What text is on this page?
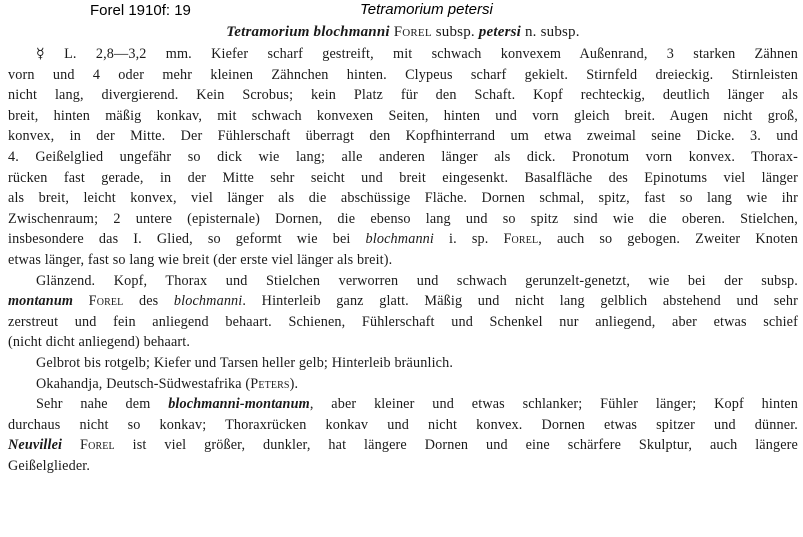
Forel 1910f: 19	Tetramorium petersi
Tetramorium blochmanni Forel subsp. petersi n. subsp.
☿ L. 2,8—3,2 mm. Kiefer scharf gestreift, mit schwach konvexem Außenrand, 3 starken Zähnen
vorn und 4 oder mehr kleinen Zähnchen hinten. Clypeus scharf gekielt. Stirnfeld dreieckig. Stirnleisten
nicht lang, divergierend. Kein Scrobus; kein Platz für den Schaft. Kopf rechteckig, deutlich länger als
breit, hinten mäßig konkav, mit schwach konvexen Seiten, hinten und vorn gleich breit. Augen nicht groß,
konvex, in der Mitte. Der Fühlerschaft überragt den Kopfhinterrand um etwa zweimal seine Dicke. 3. und
4. Geißelglied ungefähr so dick wie lang; alle anderen länger als dick. Pronotum vorn konvex. Thorax-
rücken fast gerade, in der Mitte sehr seicht und breit eingesenkt. Basalfläche des Epinotums viel länger
als breit, leicht konvex, viel länger als die abschüssige Fläche. Dornen schmal, spitz, fast so lang wie ihr
Zwischenraum; 2 untere (episternale) Dornen, die ebenso lang und so spitz sind wie die oberen. Stielchen,
insbesondere das I. Glied, so geformt wie bei blochmanni i. sp. Forel, auch so gebogen. Zweiter Knoten
etwas länger, fast so lang wie breit (der erste viel länger als breit).
Glänzend. Kopf, Thorax und Stielchen verworren und schwach gerunzelt-genetzt, wie bei der subsp.
montanum Forel des blochmanni. Hinterleib ganz glatt. Mäßig und nicht lang gelblich abstehend und sehr
zerstreut und fein anliegend behaart. Schienen, Fühlerschaft und Schenkel nur anliegend, aber etwas schief
(nicht dicht anliegend) behaart.
Gelbrot bis rotgelb; Kiefer und Tarsen heller gelb; Hinterleib bräunlich.
Okahandja, Deutsch-Südwestafrika (Peters).
Sehr nahe dem blochmanni-montanum, aber kleiner und etwas schlanker; Fühler länger; Kopf hinten
durchaus nicht so konkav; Thoraxrücken konkav und nicht konvex. Dornen etwas spitzer und dünner.
Neuvillei Forel ist viel größer, dunkler, hat längere Dornen und eine schärfere Skulptur, auch längere
Geißelglieder.
